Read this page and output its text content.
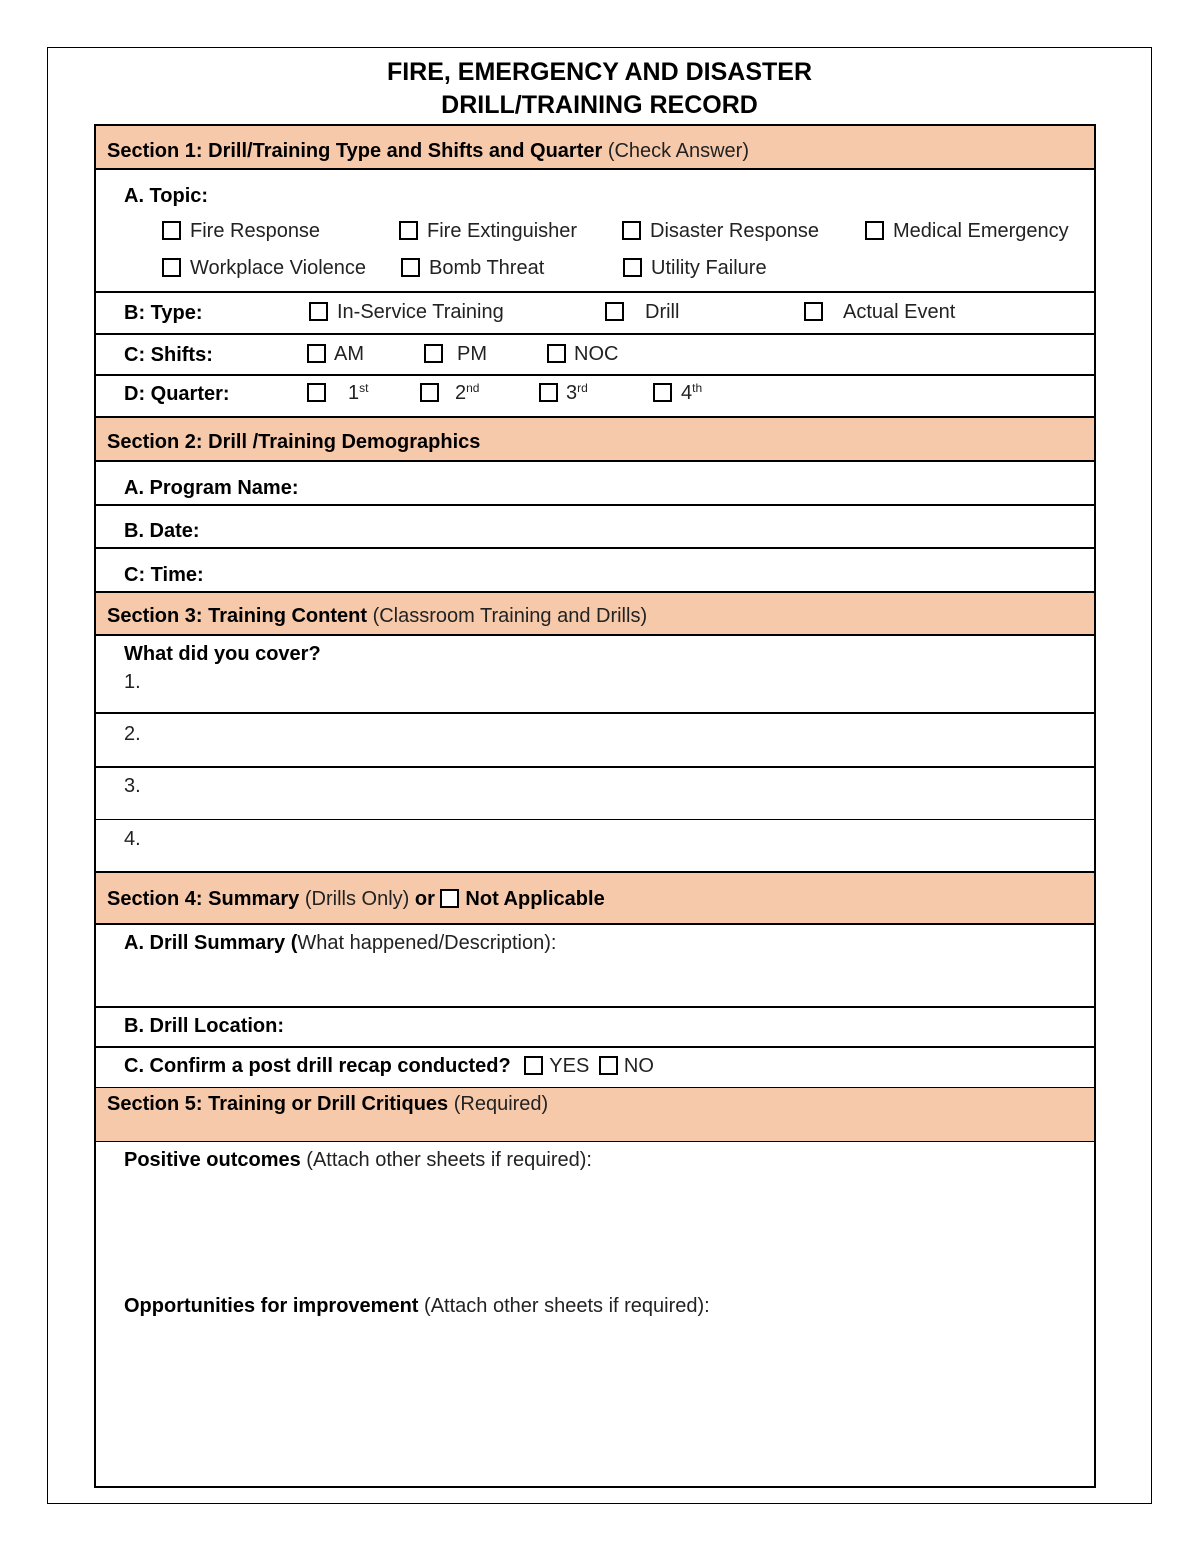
FIRE, EMERGENCY AND DISASTER
DRILL/TRAINING RECORD
Section 1: Drill/Training Type and Shifts and Quarter (Check Answer)
A. Topic:
Fire Response	Fire Extinguisher	Disaster Response	Medical Emergency
Workplace Violence	Bomb Threat	Utility Failure
B: Type:	In-Service Training	Drill	Actual Event
C: Shifts:	AM	PM	NOC
D: Quarter:	1st	2nd	3rd	4th
Section 2: Drill /Training Demographics
A. Program Name:
B. Date:
C: Time:
Section 3: Training Content (Classroom Training and Drills)
What did you cover?
1.
2.
3.
4.
Section 4: Summary (Drills Only) or Not Applicable
A. Drill Summary (What happened/Description):
B. Drill Location:
C. Confirm a post drill recap conducted? YES NO
Section 5: Training or Drill Critiques (Required)
Positive outcomes (Attach other sheets if required):
Opportunities for improvement (Attach other sheets if required):
